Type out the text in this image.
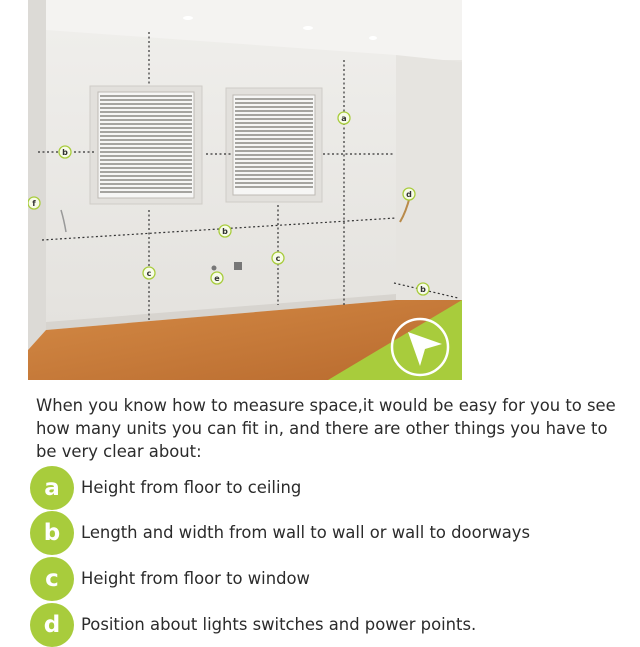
a
b
b
b
c
c
d
e
f

When you know how to measure space,it would be easy for you to see how many units you can fit in, and there are other things you have to be very clear about:

a	Height from floor to ceiling
b	Length and width from wall to wall or wall to doorways
c	Height from floor to window
d	Position about lights switches and power points.
